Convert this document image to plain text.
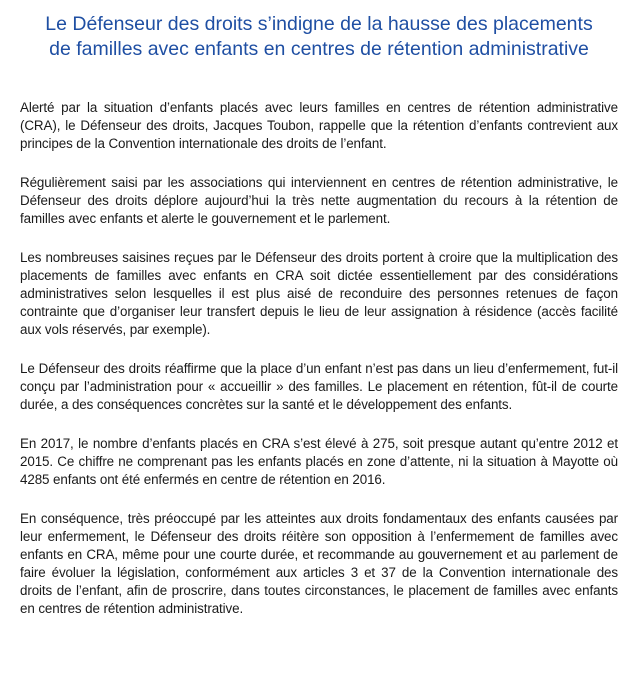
Le Défenseur des droits s’indigne de la hausse des placements de familles avec enfants en centres de rétention administrative

Alerté par la situation d’enfants placés avec leurs familles en centres de rétention administrative (CRA), le Défenseur des droits, Jacques Toubon, rappelle que la rétention d’enfants contrevient aux principes de la Convention internationale des droits de l’enfant.

Régulièrement saisi par les associations qui interviennent en centres de rétention administrative, le Défenseur des droits déplore aujourd’hui la très nette augmentation du recours à la rétention de familles avec enfants et alerte le gouvernement et le parlement.

Les nombreuses saisines reçues par le Défenseur des droits portent à croire que la multiplication des placements de familles avec enfants en CRA soit dictée essentiellement par des considérations administratives selon lesquelles il est plus aisé de reconduire des personnes retenues de façon contrainte que d’organiser leur transfert depuis le lieu de leur assignation à résidence (accès facilité aux vols réservés, par exemple).

Le Défenseur des droits réaffirme que la place d’un enfant n’est pas dans un lieu d’enfermement, fut-il conçu par l’administration pour « accueillir » des familles. Le placement en rétention, fût-il de courte durée, a des conséquences concrètes sur la santé et le développement des enfants.

En 2017, le nombre d’enfants placés en CRA s’est élevé à 275, soit presque autant qu’entre 2012 et 2015. Ce chiffre ne comprenant pas les enfants placés en zone d’attente, ni la situation à Mayotte où 4285 enfants ont été enfermés en centre de rétention en 2016.

En conséquence, très préoccupé par les atteintes aux droits fondamentaux des enfants causées par leur enfermement, le Défenseur des droits réitère son opposition à l’enfermement de familles avec enfants en CRA, même pour une courte durée, et recommande au gouvernement et au parlement de faire évoluer la législation, conformément aux articles 3 et 37 de la Convention internationale des droits de l’enfant, afin de proscrire, dans toutes circonstances, le placement de familles avec enfants en centres de rétention administrative.
